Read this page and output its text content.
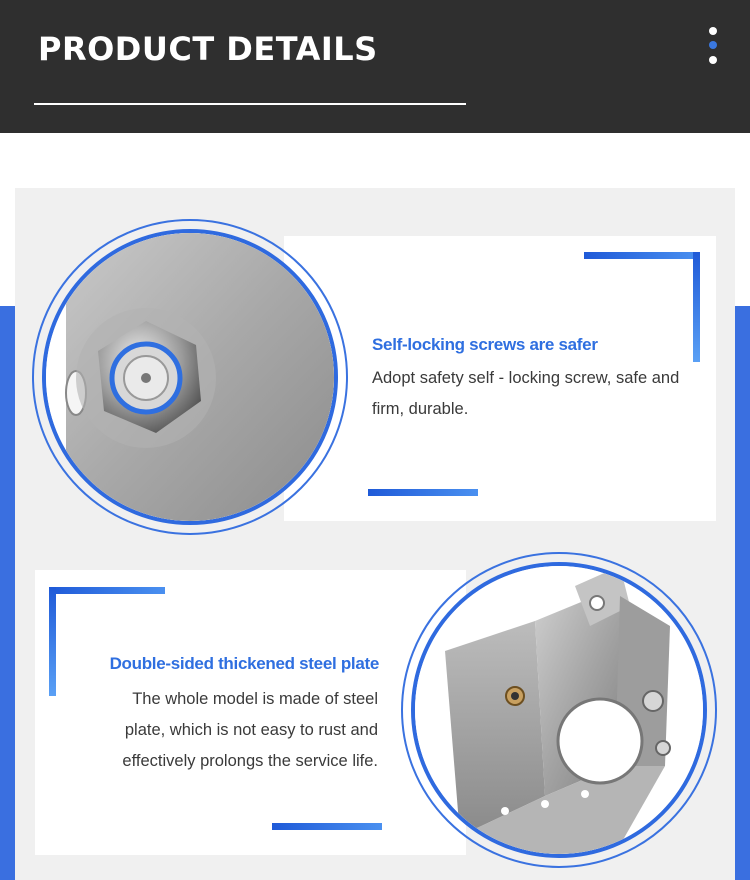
PRODUCT DETAILS
Self-locking screws are safer
Adopt safety self - locking screw, safe and firm, durable.
Double-sided thickened steel plate
The whole model is made of steel plate, which is not easy to rust and effectively prolongs the service life.
